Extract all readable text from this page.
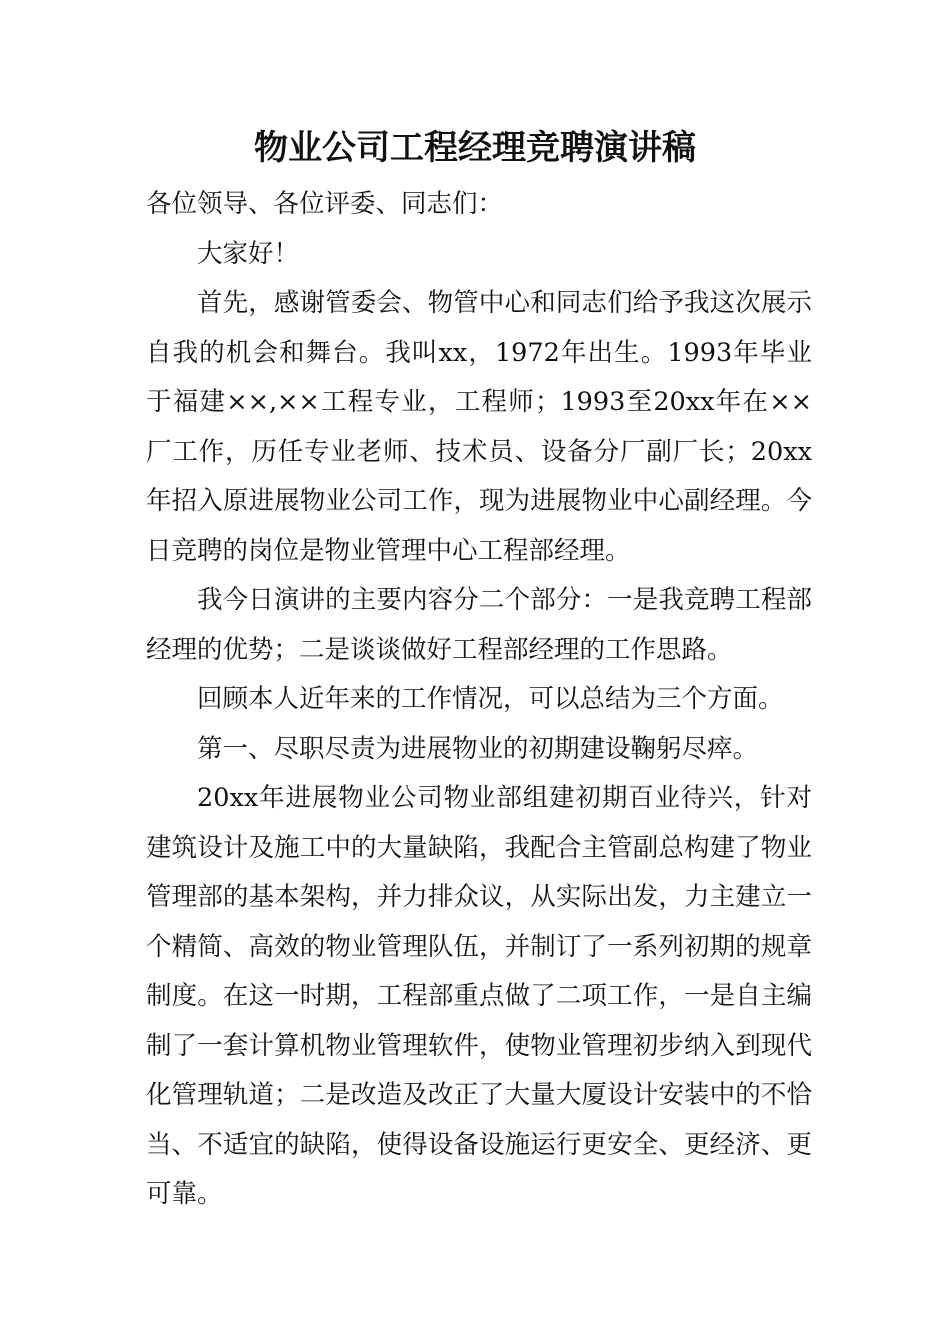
物业公司工程经理竞聘演讲稿

各位领导、各位评委、同志们：

大家好！

首先，感谢管委会、物管中心和同志们给予我这次展示自我的机会和舞台。我叫xx，1972年出生。1993年毕业于福建××,××工程专业，工程师；1993至20xx年在××厂工作，历任专业老师、技术员、设备分厂副厂长；20xx年招入原进展物业公司工作，现为进展物业中心副经理。今日竞聘的岗位是物业管理中心工程部经理。

我今日演讲的主要内容分二个部分：一是我竞聘工程部经理的优势；二是谈谈做好工程部经理的工作思路。

回顾本人近年来的工作情况，可以总结为三个方面。

第一、尽职尽责为进展物业的初期建设鞠躬尽瘁。

20xx年进展物业公司物业部组建初期百业待兴，针对建筑设计及施工中的大量缺陷，我配合主管副总构建了物业管理部的基本架构，并力排众议，从实际出发，力主建立一个精简、高效的物业管理队伍，并制订了一系列初期的规章制度。在这一时期，工程部重点做了二项工作，一是自主编制了一套计算机物业管理软件，使物业管理初步纳入到现代化管理轨道；二是改造及改正了大量大厦设计安装中的不恰当、不适宜的缺陷，使得设备设施运行更安全、更经济、更可靠。
